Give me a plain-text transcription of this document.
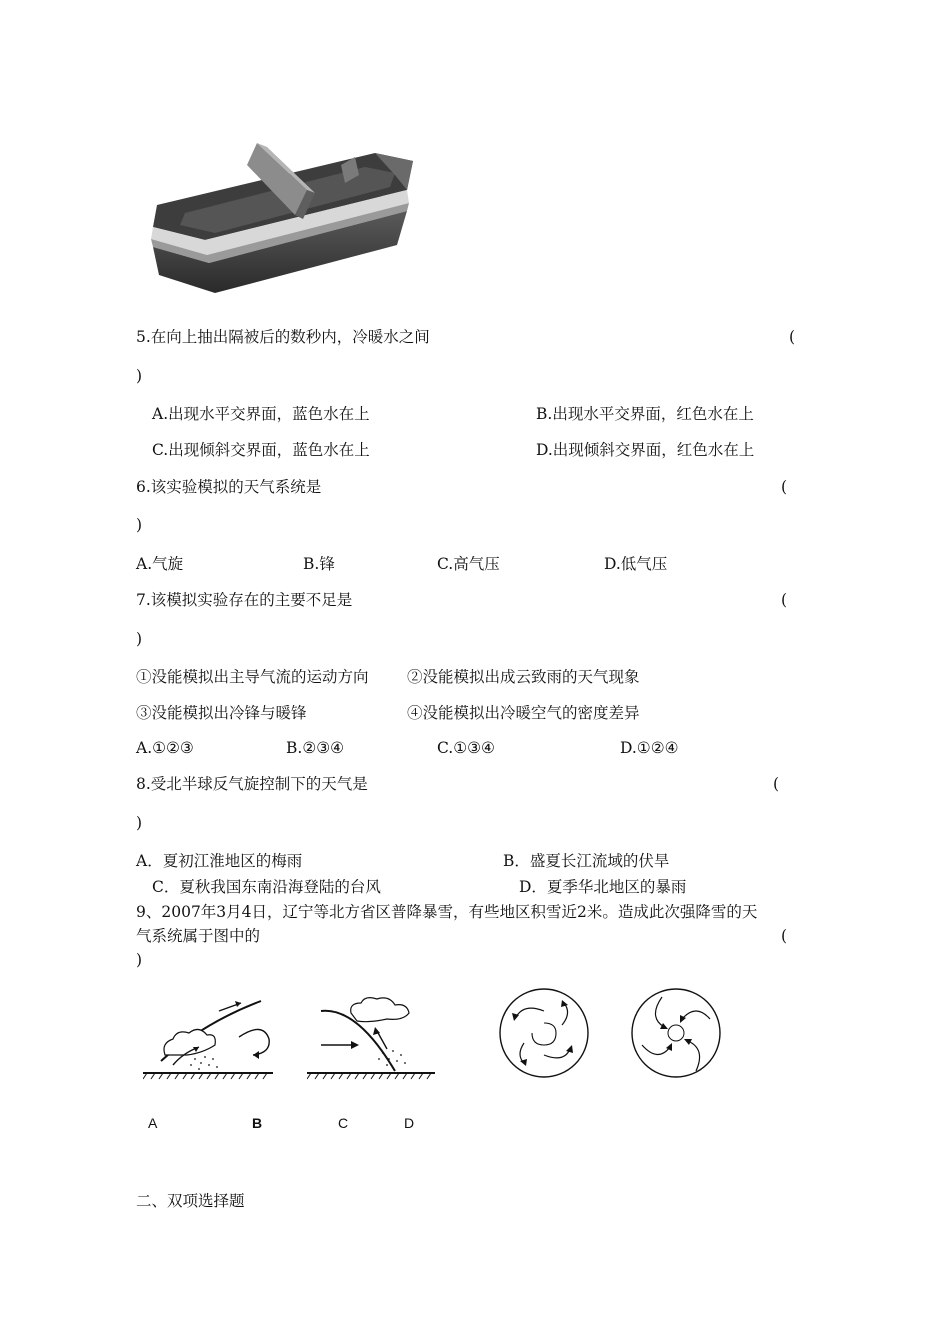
5.在向上抽出隔被后的数秒内，冷暖水之间	(
)
A.出现水平交界面，蓝色水在上	B.出现水平交界面，红色水在上
C.出现倾斜交界面，蓝色水在上	D.出现倾斜交界面，红色水在上
6.该实验模拟的天气系统是	(
)
A.气旋	B.锋	C.高气压	D.低气压
7.该模拟实验存在的主要不足是	(
)
①没能模拟出主导气流的运动方向 ②没能模拟出成云致雨的天气现象
③没能模拟出冷锋与暖锋	④没能模拟出冷暖空气的密度差异
A.①②③	B.②③④	C.①③④	D.①②④
8.受北半球反气旋控制下的天气是	(
)
A．夏初江淮地区的梅雨	B．盛夏长江流域的伏旱
C．夏秋我国东南沿海登陆的台风	D．夏季华北地区的暴雨
9、2007年3月4日，辽宁等北方省区普降暴雪，有些地区积雪近2米。造成此次强降雪的天
气系统属于图中的	(
)
A	B	C	D
二、双项选择题
